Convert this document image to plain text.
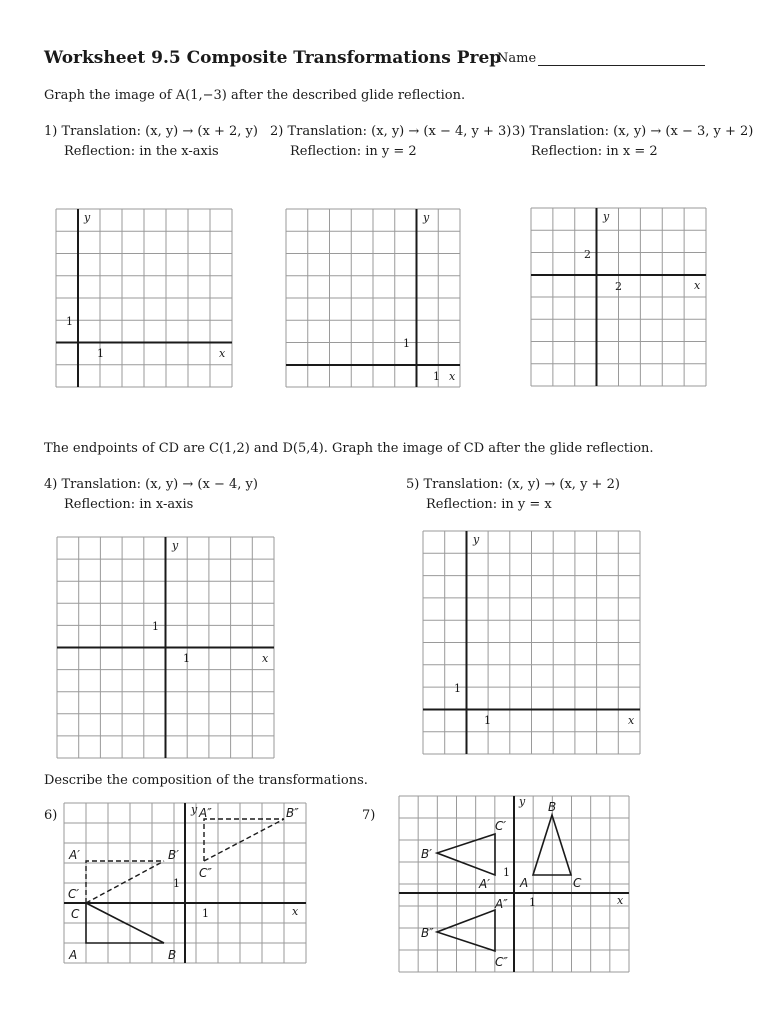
Worksheet 9.5 Composite Transformations Prep
Name
Graph the image of A(1,−3) after the described glide reflection.
1) Translation: (x, y) → (x + 2, y)
Reflection: in the x-axis
2) Translation: (x, y) → (x − 4, y + 3)
Reflection: in y = 2
3) Translation: (x, y) → (x − 3, y + 2)
Reflection: in x = 2
y
x
1
1
y
x
1
1
y
x
2
2
The endpoints of CD are C(1,2) and D(5,4). Graph the image of CD after the glide reflection.
4) Translation: (x, y) → (x − 4, y)
Reflection: in x-axis
5) Translation: (x, y) → (x, y + 2)
Reflection: in y = x
y
x
1
1
y
x
1
1
Describe the composition of the transformations.
6)	7)
y
x
1
1
A	B
C
A′	B′
C′
A″	B″
C″
y
x
1
1
A
B
C
A′
B′
C′
A″
B″
C″
